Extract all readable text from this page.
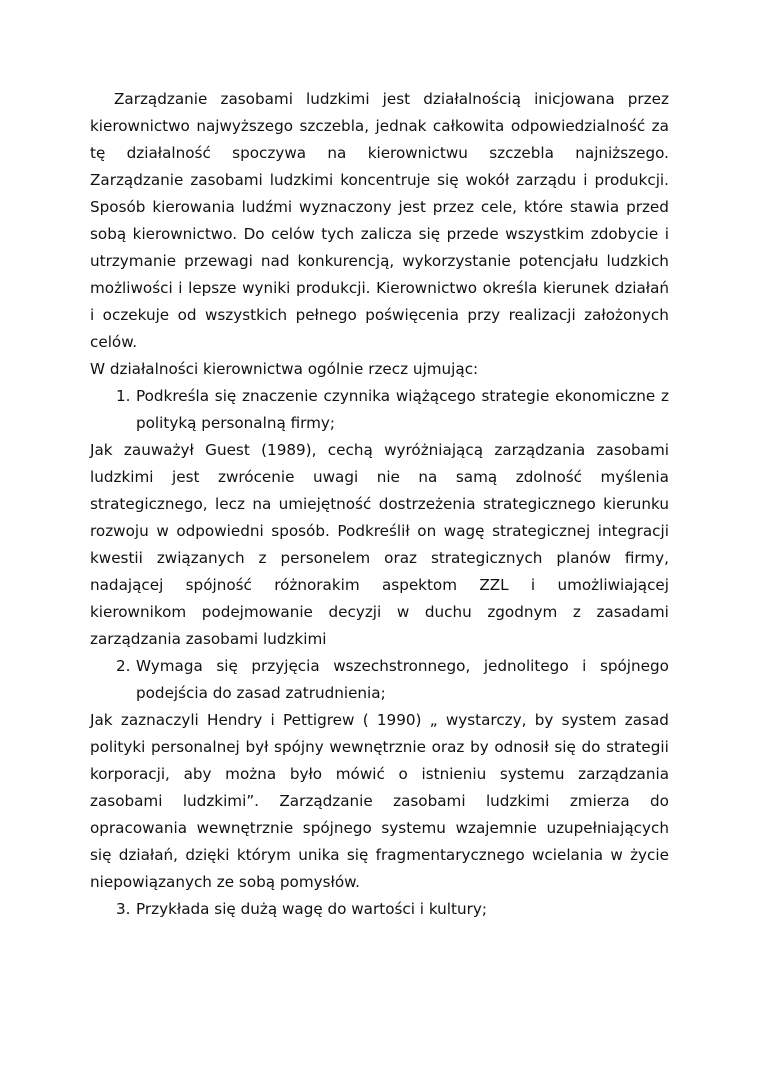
Zarządzanie zasobami ludzkimi jest działalnością inicjowana przez
kierownictwo najwyższego szczebla, jednak całkowita odpowiedzialność za
tę działalność spoczywa na kierownictwu szczebla najniższego.
Zarządzanie zasobami ludzkimi koncentruje się wokół zarządu i produkcji.
Sposób kierowania ludźmi wyznaczony jest przez cele, które stawia przed
sobą kierownictwo. Do celów tych zalicza się przede wszystkim zdobycie i
utrzymanie przewagi nad konkurencją, wykorzystanie potencjału ludzkich
możliwości i lepsze wyniki produkcji. Kierownictwo określa kierunek działań
i oczekuje od wszystkich pełnego poświęcenia przy realizacji założonych
celów.
W działalności kierownictwa ogólnie rzecz ujmując:
1. Podkreśla się znaczenie czynnika wiążącego strategie ekonomiczne z
polityką personalną firmy;
Jak zauważył Guest (1989), cechą wyróżniającą zarządzania zasobami
ludzkimi jest zwrócenie uwagi nie na samą zdolność myślenia
strategicznego, lecz na umiejętność dostrzeżenia strategicznego kierunku
rozwoju w odpowiedni sposób. Podkreślił on wagę strategicznej integracji
kwestii związanych z personelem oraz strategicznych planów firmy,
nadającej spójność różnorakim aspektom ZZL i umożliwiającej
kierownikom podejmowanie decyzji w duchu zgodnym z zasadami
zarządzania zasobami ludzkimi
2. Wymaga się przyjęcia wszechstronnego, jednolitego i spójnego
podejścia do zasad zatrudnienia;
Jak zaznaczyli Hendry i Pettigrew ( 1990) „ wystarczy, by system zasad
polityki personalnej był spójny wewnętrznie oraz by odnosił się do strategii
korporacji, aby można było mówić o istnieniu systemu zarządzania
zasobami ludzkimi”. Zarządzanie zasobami ludzkimi zmierza do
opracowania wewnętrznie spójnego systemu wzajemnie uzupełniających
się działań, dzięki którym unika się fragmentarycznego wcielania w życie
niepowiązanych ze sobą pomysłów.
3. Przykłada się dużą wagę do wartości i kultury;
